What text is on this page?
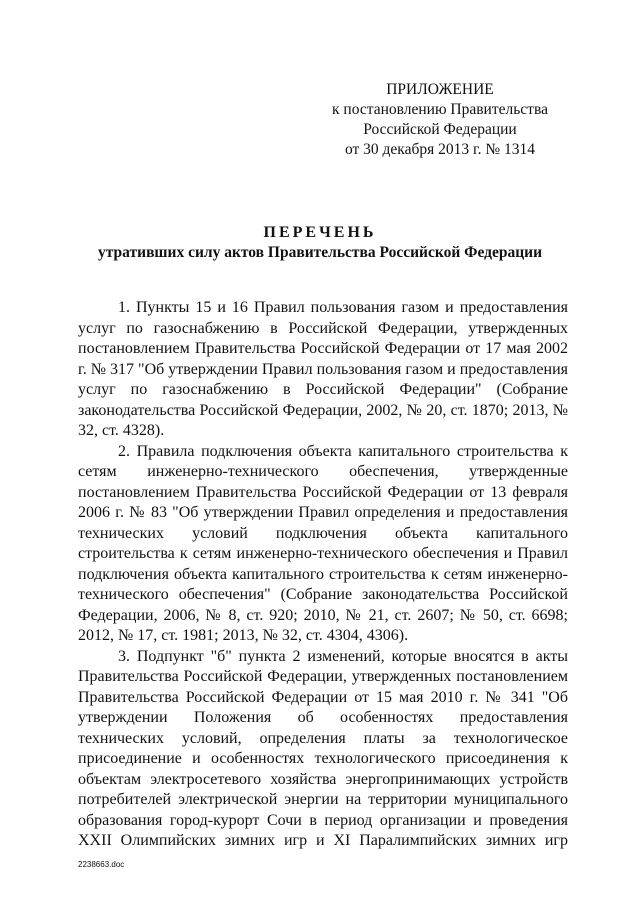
ПРИЛОЖЕНИЕ
к постановлению Правительства
Российской Федерации
от 30 декабря 2013 г. № 1314
ПЕРЕЧЕНЬ
утративших силу актов Правительства Российской Федерации

1. Пункты 15 и 16 Правил пользования газом и предоставления услуг по газоснабжению в Российской Федерации, утвержденных постановлением Правительства Российской Федерации от 17 мая 2002 г. № 317 "Об утверждении Правил пользования газом и предоставления услуг по газоснабжению в Российской Федерации" (Собрание законодательства Российской Федерации, 2002, № 20, ст. 1870; 2013, № 32, ст. 4328).

2. Правила подключения объекта капитального строительства к сетям инженерно-технического обеспечения, утвержденные постановлением Правительства Российской Федерации от 13 февраля 2006 г. № 83 "Об утверждении Правил определения и предоставления технических условий подключения объекта капитального строительства к сетям инженерно-технического обеспечения и Правил подключения объекта капитального строительства к сетям инженерно-технического обеспечения" (Собрание законодательства Российской Федерации, 2006, № 8, ст. 920; 2010, № 21, ст. 2607; № 50, ст. 6698; 2012, № 17, ст. 1981; 2013, № 32, ст. 4304, 4306).

3. Подпункт "б" пункта 2 изменений, которые вносятся в акты Правительства Российской Федерации, утвержденных постановлением Правительства Российской Федерации от 15 мая 2010 г. № 341 "Об утверждении Положения об особенностях предоставления технических условий, определения платы за технологическое присоединение и особенностях технологического присоединения к объектам электросетевого хозяйства энергопринимающих устройств потребителей электрической энергии на территории муниципального образования город-курорт Сочи в период организации и проведения XXII Олимпийских зимних игр и XI Паралимпийских зимних игр

2238663.doc
